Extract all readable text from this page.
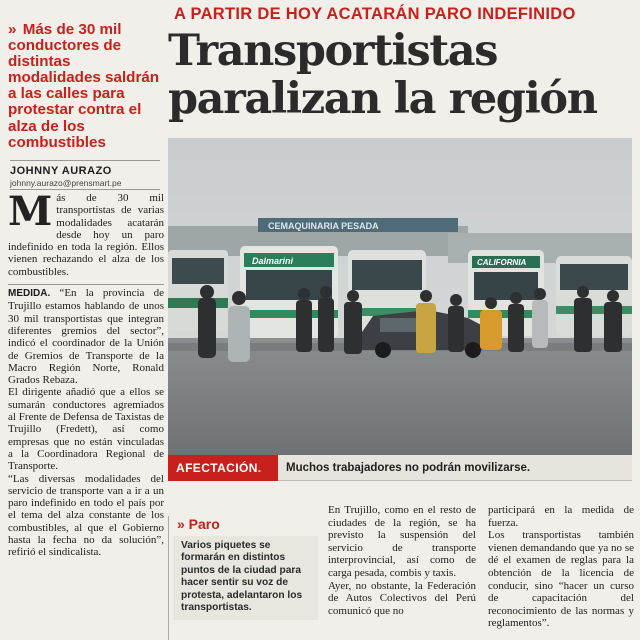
A PARTIR DE HOY ACATARÁN PARO INDEFINIDO
Transportistas
paralizan la región
» Más de 30 mil conductores de distintas modalidades saldrán a las calles para protestar contra el alza de los combustibles
JOHNNY AURAZO
johnny.aurazo@prensmart.pe

Más de 30 mil transportistas de varias modalidades acatarán desde hoy un paro indefinido en toda la región. Ellos vienen rechazando el alza de los combustibles.

MEDIDA. “En la provincia de Trujillo estamos hablando de unos 30 mil transportistas que integran diferentes gremios del sector”, indicó el coordinador de la Unión de Gremios de Transporte de la Macro Región Norte, Ronald Grados Rebaza.

El dirigente añadió que a ellos se sumarán conductores agremiados al Frente de Defensa de Taxistas de Trujillo (Fredett), así como empresas que no están vinculadas a la Coordinadora Regional de Transporte.

“Las diversas modalidades del servicio de transporte van a ir a un paro indefinido en todo el país por el tema del alza constante de los combustibles, al que el Gobierno hasta la fecha no da solución”, refirió el sindicalista.

CEMAQUINARIA PESADA
Dalmarini	CALIFORNIA
AFECTACIÓN.	Muchos trabajadores no podrán movilizarse.
» Paro
Varios piquetes se formarán en distintos puntos de la ciudad para hacer sentir su voz de protesta, adelantaron los transportistas.

En Trujillo, como en el resto de ciudades de la región, se ha previsto la suspensión del servicio de transporte interprovincial, así como de carga pesada, combis y taxis.

Ayer, no obstante, la Federación de Autos Colectivos del Perú comunicó que no

participará en la medida de fuerza.

Los transportistas también vienen demandando que ya no se dé el examen de reglas para la obtención de la licencia de conducir, sino “hacer un curso de capacitación del reconocimiento de las normas y reglamentos”.
